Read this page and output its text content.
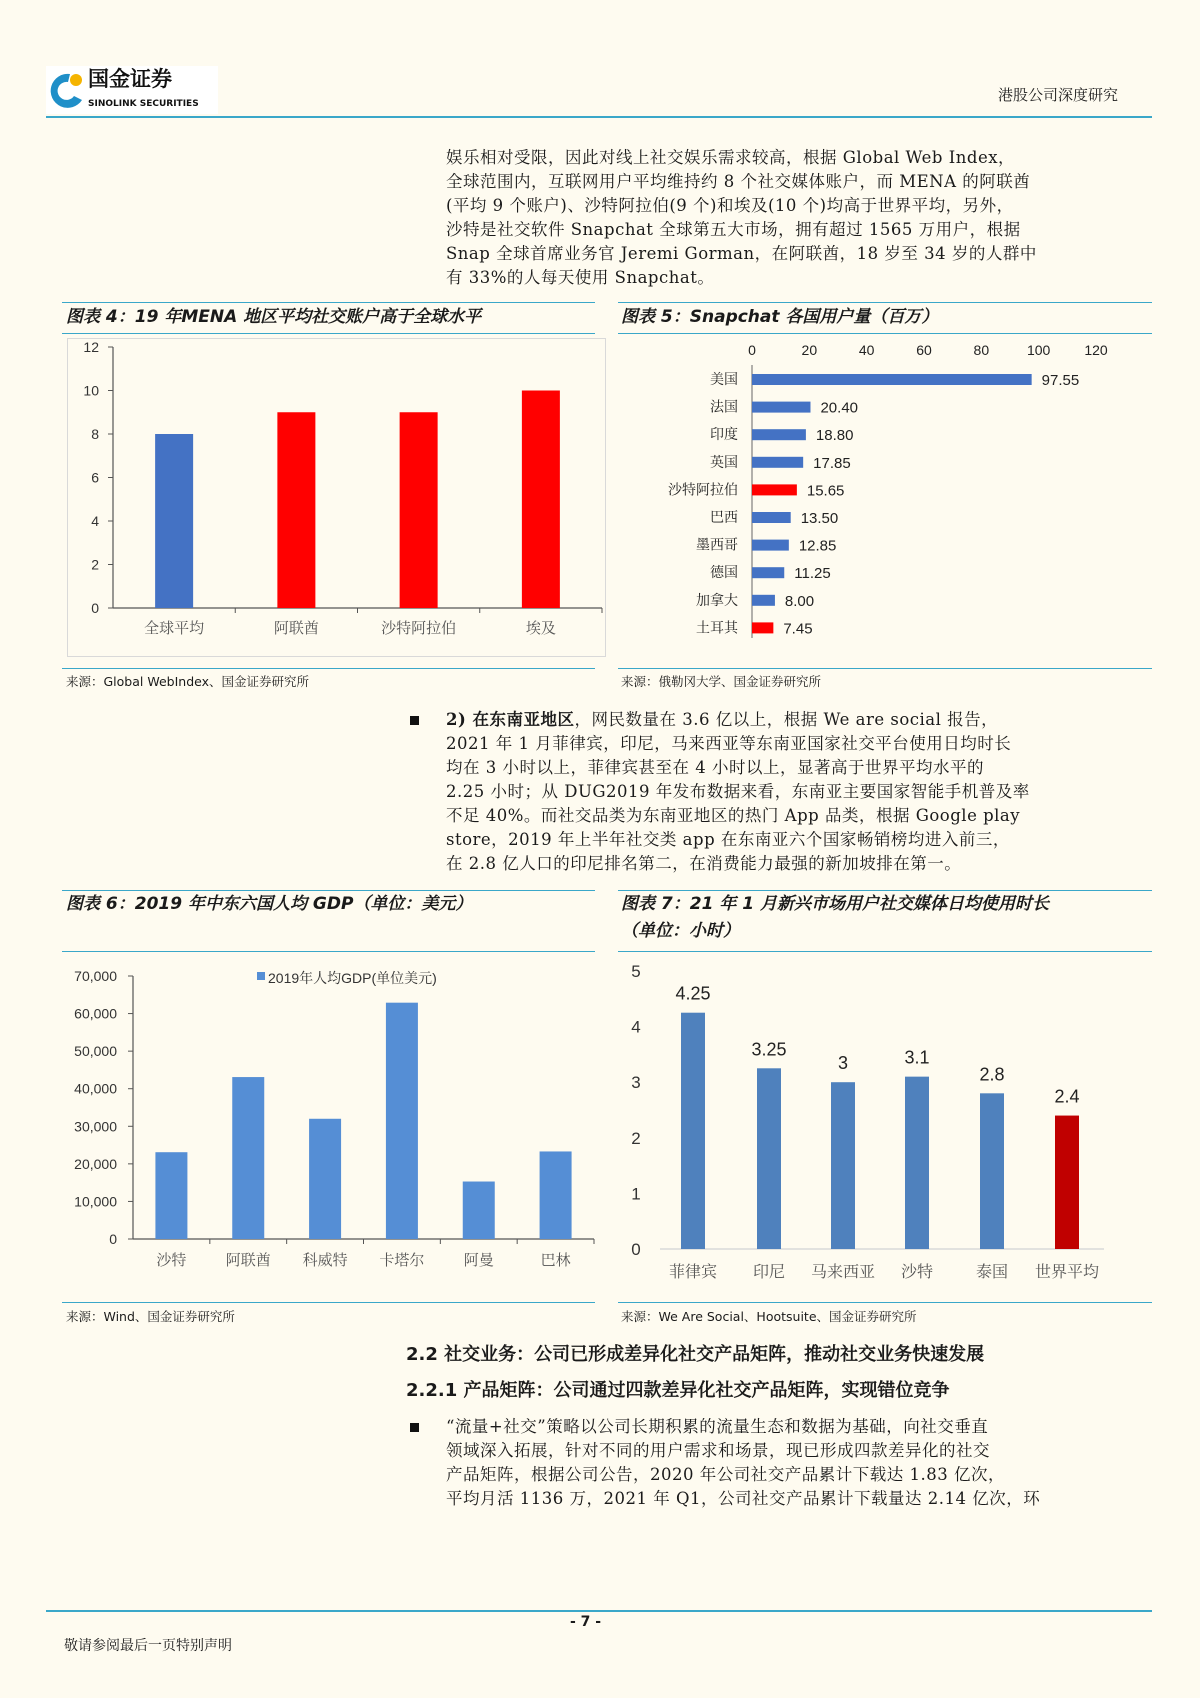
国金证券
SINOLINK SECURITIES	港股公司深度研究
娱乐相对受限，因此对线上社交娱乐需求较高，根据 Global Web Index，
全球范围内，互联网用户平均维持约 8 个社交媒体账户，而 MENA 的阿联酋
(平均 9 个账户)、沙特阿拉伯(9 个)和埃及(10 个)均高于世界平均，另外，
沙特是社交软件 Snapchat 全球第五大市场，拥有超过 1565 万用户，根据
Snap 全球首席业务官 Jeremi Gorman，在阿联酋，18 岁至 34 岁的人群中
有 33%的人每天使用 Snapchat。
图表 4：19 年MENA 地区平均社交账户高于全球水平	图表 5：Snapchat 各国用户量（百万）
来源：Global WebIndex、国金证券研究所	来源：俄勒冈大学、国金证券研究所
2) 在东南亚地区，网民数量在 3.6 亿以上，根据 We are social 报告，
2021 年 1 月菲律宾，印尼，马来西亚等东南亚国家社交平台使用日均时长
均在 3 小时以上，菲律宾甚至在 4 小时以上，显著高于世界平均水平的
2.25 小时；从 DUG2019 年发布数据来看，东南亚主要国家智能手机普及率
不足 40%。而社交品类为东南亚地区的热门 App 品类，根据 Google play
store，2019 年上半年社交类 app 在东南亚六个国家畅销榜均进入前三，
在 2.8 亿人口的印尼排名第二，在消费能力最强的新加坡排在第一。
图表 6：2019 年中东六国人均 GDP（单位：美元）	图表 7：21 年 1 月新兴市场用户社交媒体日均使用时长
（单位：小时）
来源：Wind、国金证券研究所	来源：We Are Social、Hootsuite、国金证券研究所
2.2 社交业务：公司已形成差异化社交产品矩阵，推动社交业务快速发展
2.2.1 产品矩阵：公司通过四款差异化社交产品矩阵，实现错位竞争
“流量+社交”策略以公司长期积累的流量生态和数据为基础，向社交垂直
领域深入拓展，针对不同的用户需求和场景，现已形成四款差异化的社交
产品矩阵，根据公司公告，2020 年公司社交产品累计下载达 1.83 亿次，
平均月活 1136 万，2021 年 Q1，公司社交产品累计下载量达 2.14 亿次，环
- 7 -
敬请参阅最后一页特别声明
0
2
4
6
8
10
12
全球平均	阿联酋	沙特阿拉伯	埃及
0
10,000
20,000
30,000
40,000
50,000
60,000
70,000
沙特	阿联酋 科威特 卡塔尔	阿曼	巴林
2019年人均GDP(单位美元)
0
1
2
3
4
5
4.25
菲律宾
3.25
印尼
3
马来西亚
3.1
沙特
2.8
泰国
2.4
世界平均
0	20	40	60	80	100 120
美国	97.55
法国	20.40
印度	18.80
英国	17.85
沙特阿拉伯	15.65
巴西	13.50
墨西哥	12.85
德国	11.25
加拿大	8.00
土耳其	7.45
